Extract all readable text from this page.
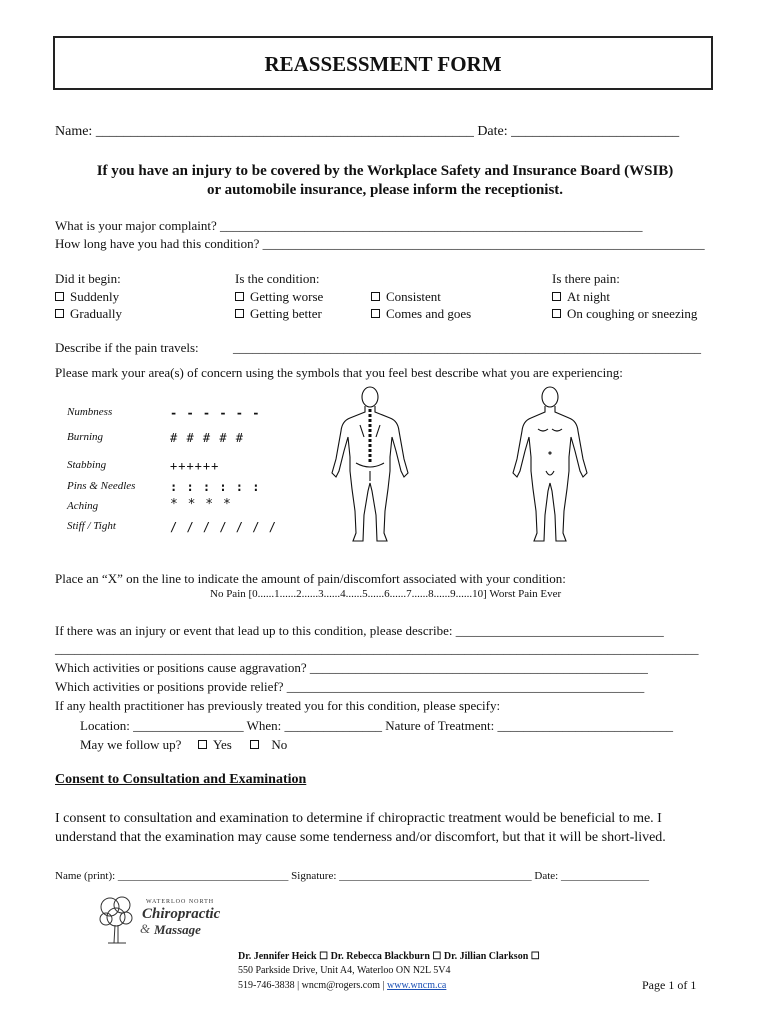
REASSESSMENT FORM
Name: ______________________________________________________ Date: ________________________
If you have an injury to be covered by the Workplace Safety and Insurance Board (WSIB)
or automobile insurance, please inform the receptionist.
What is your major complaint? _________________________________________________________________
How long have you had this condition? ____________________________________________________________________
Did it begin:
Suddenly
Gradually
Is the condition:
Getting worse
Getting better
Consistent
Comes and goes
Is there pain:
At night
On coughing or sneezing
Describe if the pain travels:	________________________________________________________________________
Please mark your area(s) of concern using the symbols that you feel best describe what you are experiencing:
Numbness	- - - - - -
Burning	# # # # #
Stabbing	++++++
Pins & Needles	: : : : : :
Aching	* * * *
Stiff / Tight	/ / / / / / /
Place an “X” on the line to indicate the amount of pain/discomfort associated with your condition:
No Pain [0......1......2......3......4......5......6......7......8......9......10] Worst Pain Ever
If there was an injury or event that lead up to this condition, please describe: ________________________________
___________________________________________________________________________________________________
Which activities or positions cause aggravation? ____________________________________________________
Which activities or positions provide relief? _______________________________________________________
If any health practitioner has previously treated you for this condition, please specify:
Location: _________________ When: _______________ Nature of Treatment: ___________________________
May we follow up? Yes	No
Consent to Consultation and Examination
I consent to consultation and examination to determine if chiropractic treatment would be beneficial to me. I
understand that the examination may cause some tenderness and/or discomfort, but that it will be short-lived.
Name (print): _______________________________ Signature: ___________________________________ Date: ________________
WATERLOO NORTH
Chiropractic
& Massage
Dr. Jennifer Heick ☐ Dr. Rebecca Blackburn ☐ Dr. Jillian Clarkson ☐
550 Parkside Drive, Unit A4, Waterloo ON N2L 5V4
519-746-3838 | wncm@rogers.com | www.wncm.ca	Page 1 of 1
